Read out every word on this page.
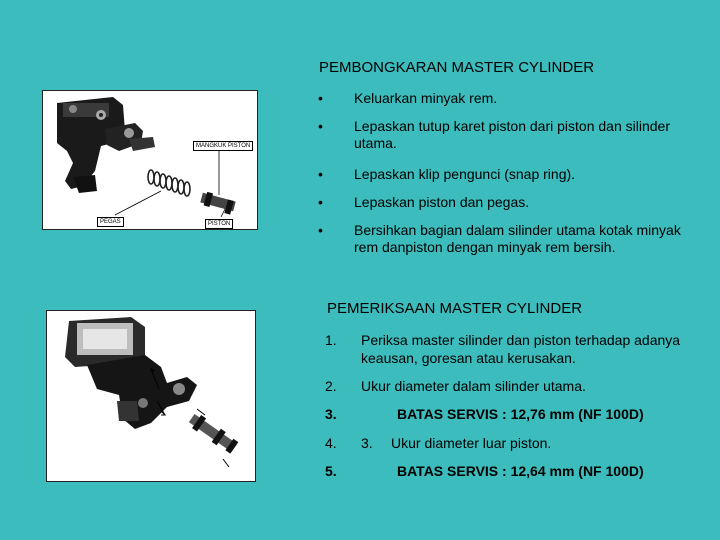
PEMBONGKARAN MASTER CYLINDER
MANGKUK PISTON
PEGAS	PISTON
• Keluarkan minyak rem.
• Lepaskan tutup karet piston dari piston dan silinder utama.
• Lepaskan klip pengunci (snap ring).
• Lepaskan piston dan pegas.
• Bersihkan bagian dalam silinder utama kotak minyak rem danpiston dengan minyak rem bersih.
PEMERIKSAAN MASTER CYLINDER
1. Periksa master silinder dan piston terhadap adanya keausan, goresan atau kerusakan.
2. Ukur diameter dalam silinder utama.
3.	BATAS SERVIS : 12,76 mm (NF 100D)
4. 3.	Ukur diameter luar piston.
5.	BATAS SERVIS : 12,64 mm (NF 100D)
